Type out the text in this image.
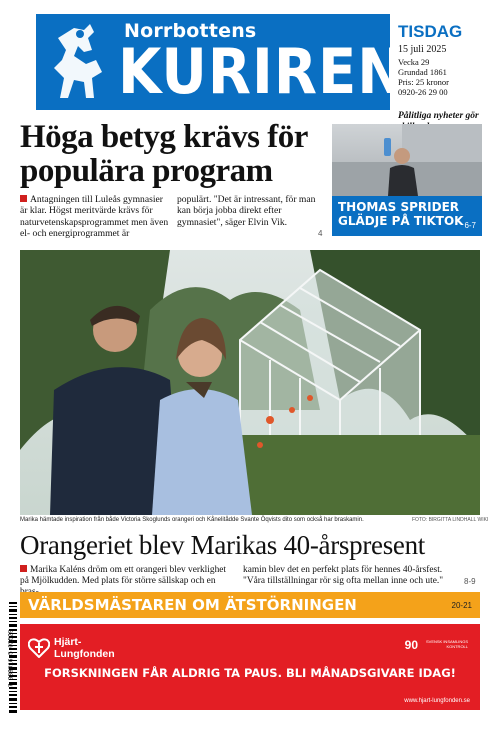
Norrbottens
KURIREN
TISDAG
15 juli 2025
Vecka 29
Grundad 1861
Pris: 25 kronor
0920-26 29 00
Pålitliga nyheter gör
Höga betyg krävs för populära program
Antagningen till Luleås gymnasier är klar. Högst meritvärde krävs för naturvetenskapsprogrammet men även el- och energiprogrammet är
populärt. "Det är intressant, för man kan börja jobba direkt efter gymnasiet", säger Elvin Vik.
4
THOMAS SPRIDER GLÄDJE PÅ TIKTOK 6-7
Marika hämtade inspiration från både Victoria Skoglunds orangeri och Kånelitådde Svante Öqvists dito som också har braskamin.	FOTO: BIRGITTA LINDHALL WIKI
Orangeriet blev Marikas 40-årspresent
Marika Kaléns dröm om ett orangeri blev verklighet på Mjölkudden. Med plats för större sällskap och en
kamin blev det en perfekt plats för hennes 40-årsfest. "Våra tillställningar rör sig ofta mellan inne och ute."	8-9
VÄRLDSMÄSTAREN OM ÄTSTÖRNINGEN	20-21
Hjärt-
Lungfonden
90	SVENSK INSAMLINGS KONTROLL
FORSKNINGEN FÅR ALDRIG TA PAUS. BLI MÅNADSGIVARE IDAG!
www.hjart-lungfonden.se
7 388016 5 02529
